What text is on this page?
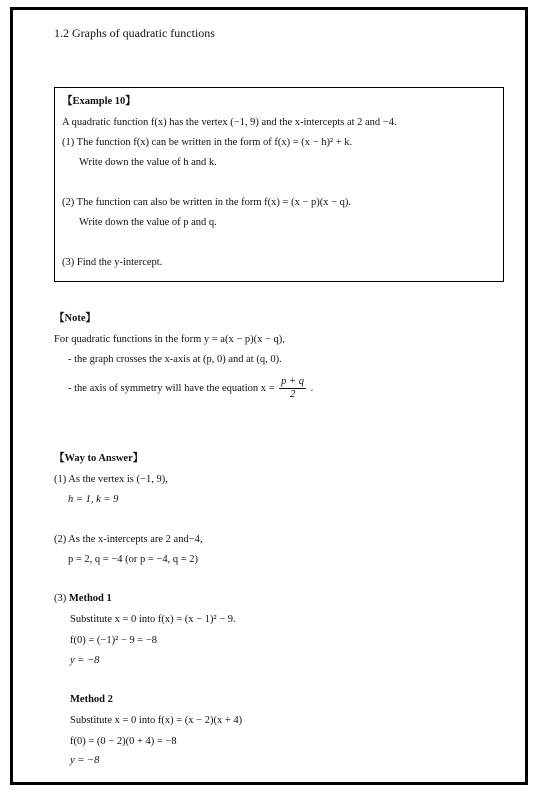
1.2 Graphs of quadratic functions
【Example 10】
A quadratic function f(x) has the vertex (−1, 9) and the x-intercepts at 2 and −4.
(1) The function f(x) can be written in the form of f(x) = (x − h)² + k.
Write down the value of h and k.
(2) The function can also be written in the form f(x) = (x − p)(x − q).
Write down the value of p and q.
(3) Find the y-intercept.
【Note】
For quadratic functions in the form y = a(x − p)(x − q),
- the graph crosses the x-axis at (p, 0) and at (q, 0).
- the axis of symmetry will have the equation $x = \frac{p + q}{2}$ .
【Way to Answer】
(1) As the vertex is (−1, 9),
h = 1, k = 9
(2) As the x-intercepts are 2 and−4,
p = 2, q = −4 (or p = −4, q = 2)
(3) Method 1
Substitute x = 0 into f(x) = (x − 1)² − 9.
f(0) = (−1)² − 9 = −8
y = −8
Method 2
Substitute x = 0 into f(x) = (x − 2)(x + 4)
f(0) = (0 − 2)(0 + 4) = −8
y = −8
